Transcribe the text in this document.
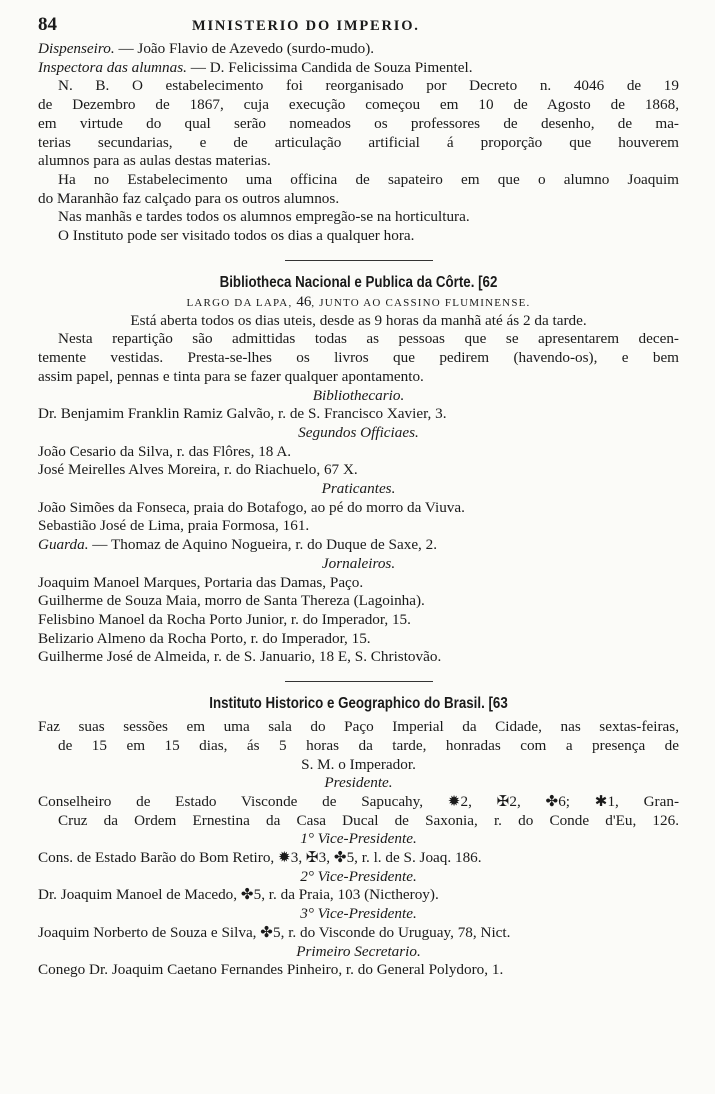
84	MINISTERIO DO IMPERIO.
Dispenseiro. — João Flavio de Azevedo (surdo-mudo).
Inspectora das alumnas. — D. Felicissima Candida de Souza Pimentel.
N. B. O estabelecimento foi reorganisado por Decreto n. 4046 de 19
de Dezembro de 1867, cuja execução começou em 10 de Agosto de 1868,
em virtude do qual serão nomeados os professores de desenho, de ma-
terias secundarias, e de articulação artificial á proporção que houverem
alumnos para as aulas destas materias.
Ha no Estabelecimento uma officina de sapateiro em que o alumno Joaquim
do Maranhão faz calçado para os outros alumnos.
Nas manhãs e tardes todos os alumnos empregão-se na horticultura.
O Instituto pode ser visitado todos os dias a qualquer hora.
Bibliotheca Nacional e Publica da Côrte. [62
LARGO DA LAPA, 46, JUNTO AO CASSINO FLUMINENSE.
Está aberta todos os dias uteis, desde as 9 horas da manhã até ás 2 da tarde.
Nesta repartição são admittidas todas as pessoas que se apresentarem decen-
temente vestidas. Presta-se-lhes os livros que pedirem (havendo-os), e bem
assim papel, pennas e tinta para se fazer qualquer apontamento.
Bibliothecario.
Dr. Benjamim Franklin Ramiz Galvão, r. de S. Francisco Xavier, 3.
Segundos Officiaes.
João Cesario da Silva, r. das Flôres, 18 A.
José Meirelles Alves Moreira, r. do Riachuelo, 67 X.
Praticantes.
João Simões da Fonseca, praia do Botafogo, ao pé do morro da Viuva.
Sebastião José de Lima, praia Formosa, 161.
Guarda. — Thomaz de Aquino Nogueira, r. do Duque de Saxe, 2.
Jornaleiros.
Joaquim Manoel Marques, Portaria das Damas, Paço.
Guilherme de Souza Maia, morro de Santa Thereza (Lagoinha).
Felisbino Manoel da Rocha Porto Junior, r. do Imperador, 15.
Belizario Almeno da Rocha Porto, r. do Imperador, 15.
Guilherme José de Almeida, r. de S. Januario, 18 E, S. Christovão.
Instituto Historico e Geographico do Brasil. [63
Faz suas sessões em uma sala do Paço Imperial da Cidade, nas sextas-feiras,
de 15 em 15 dias, ás 5 horas da tarde, honradas com a presença de
S. M. o Imperador.
Presidente.
Conselheiro de Estado Visconde de Sapucahy, ✹2, ✠2, ✤6; ✱1, Gran-
Cruz da Ordem Ernestina da Casa Ducal de Saxonia, r. do Conde d'Eu, 126.
1° Vice-Presidente.
Cons. de Estado Barão do Bom Retiro, ✹3, ✠3, ✤5, r. l. de S. Joaq. 186.
2° Vice-Presidente.
Dr. Joaquim Manoel de Macedo, ✤5, r. da Praia, 103 (Nictheroy).
3° Vice-Presidente.
Joaquim Norberto de Souza e Silva, ✤5, r. do Visconde do Uruguay, 78, Nict.
Primeiro Secretario.
Conego Dr. Joaquim Caetano Fernandes Pinheiro, r. do General Polydoro, 1.
